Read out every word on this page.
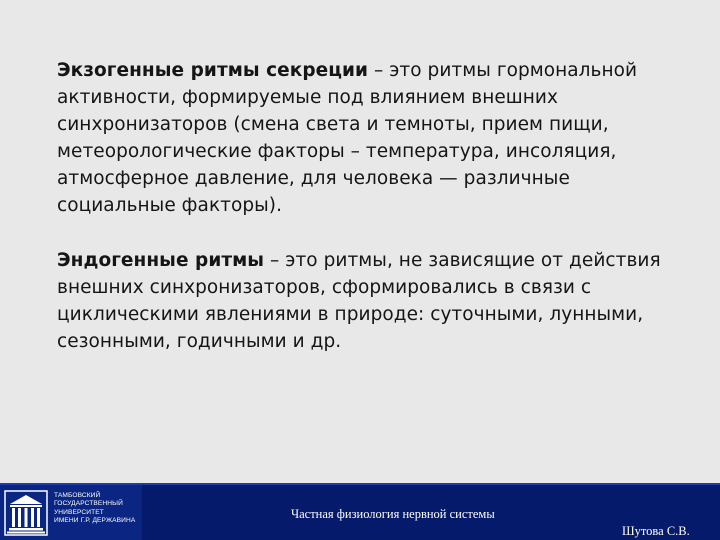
Экзогенные ритмы секреции – это ритмы гормональной
активности, формируемые под влиянием внешних
синхронизаторов (смена света и темноты, прием пищи,
метеорологические факторы – температура, инсоляция,
атмосферное давление, для человека — различные
социальные факторы).

Эндогенные ритмы – это ритмы, не зависящие от действия
внешних синхронизаторов, сформировались в связи с
циклическими явлениями в природе: суточными, лунными,
сезонными, годичными и др.

ТАМБОВСКИЙ
ГОСУДАРСТВЕННЫЙ
УНИВЕРСИТЕТ
ИМЕНИ Г.Р. ДЕРЖАВИНА	Частная физиология нервной системы
Шутова С.В.
